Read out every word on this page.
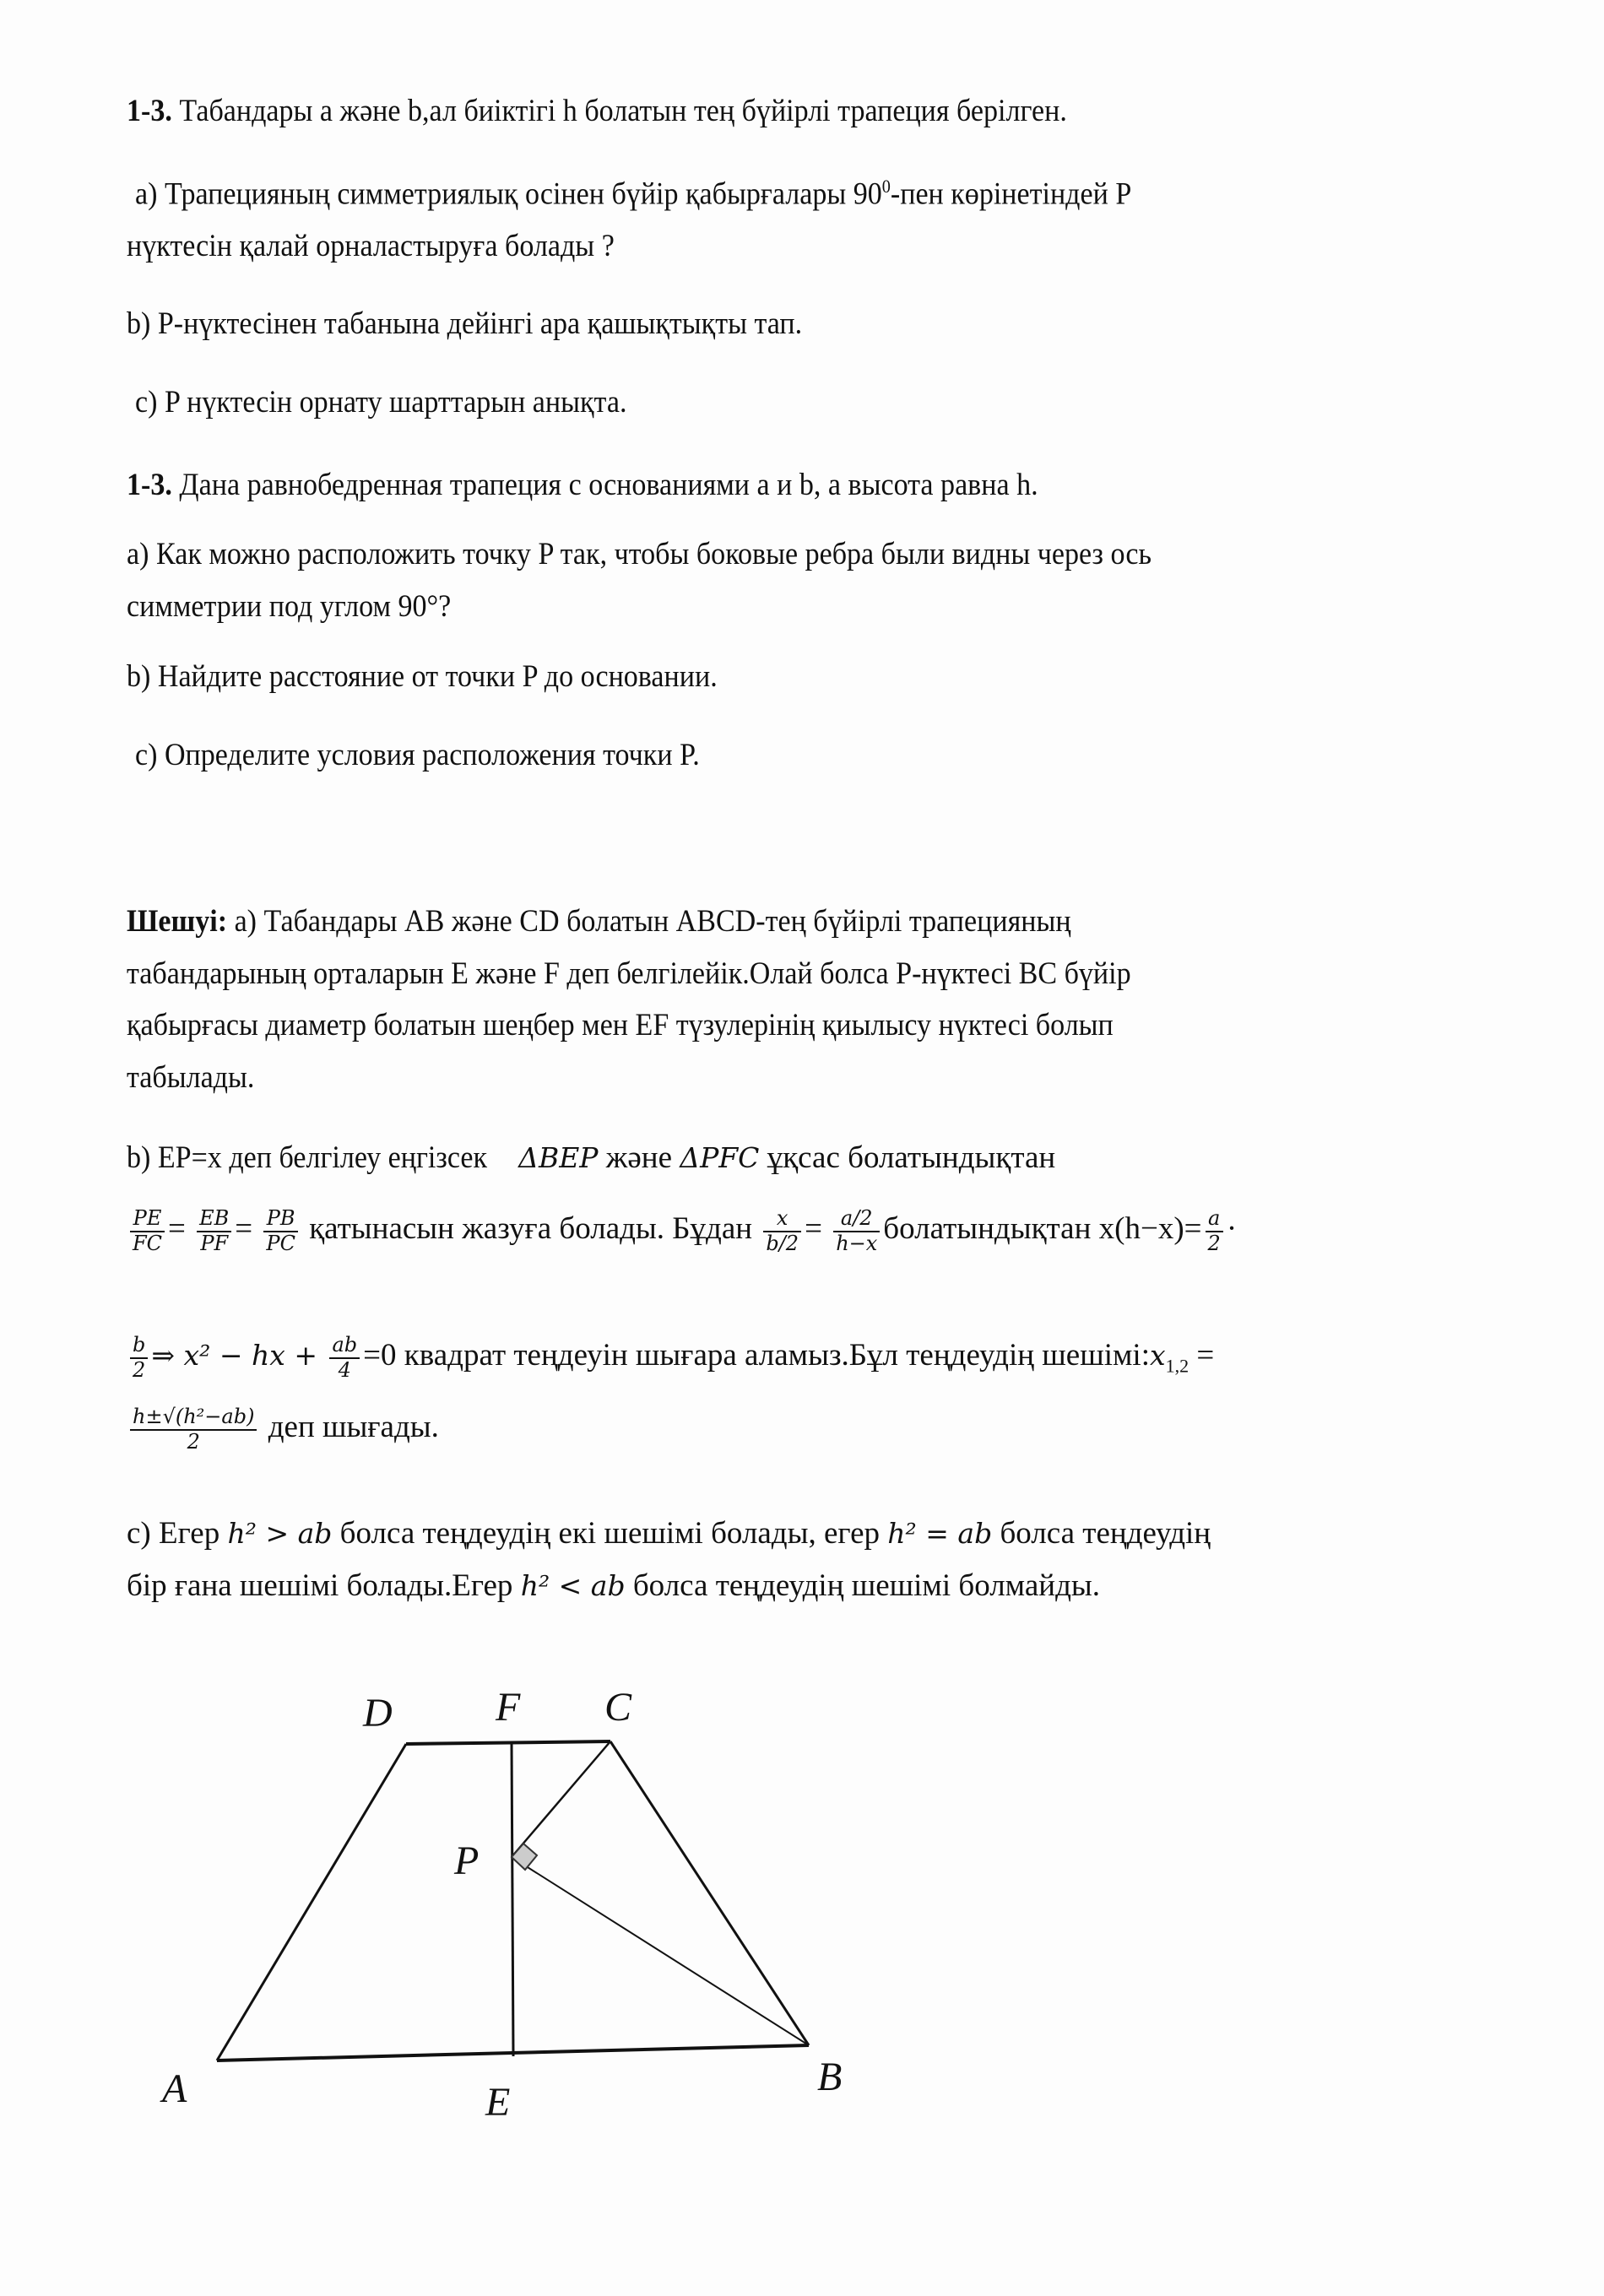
1-3. Табандары a және b,ал биіктігі h болатын тең бүйірлі трапеция берілген.
a) Трапецияның симметриялық осінен бүйір қабырғалары $90^0$-пен көрінетіндей P
нүктесін қалай орналастыруға болады ?
b) P-нүктесінен табанына дейінгі ара қашықтықты тап.
c) P нүктесін орнату шарттарын анықта.
1-3. Дана равнобедренная трапеция с основаниями a и b, а высота равна h.
a) Как можно расположить точку P так, чтобы боковые ребра были видны через ось
симметрии под углом 90°?
b) Найдите расстояние от точки P до основании.
c) Определите условия расположения точки P.
Шешуі: a) Табандары AB және CD болатын ABCD-тең бүйірлі трапецияның
табандарының орталарын E және F деп белгілейік.Олай болса P-нүктесі BC бүйір
қабырғасы диаметр болатын шеңбер мен EF түзулерінің қиылысу нүктесі болып
табылады.
b) EP=x деп белгілеу еңгізсекΔBEP және ΔPFC ұқсас болатындықтан
$\frac{PE}{FC} = \frac{EB}{PF} = \frac{PB}{PC}$ қатынасын жазуға болады. Бұдан $\frac{x}{b/2} = \frac{a/2}{h-x}$ болатындықтан $x(h-x)= \frac{a}{2}$ ·
$\frac{b}{2}$ ⇒ x² − hx + $\frac{ab}{4} =0$ квадрат теңдеуін шығара аламыз.Бұл теңдеудің $шешімі:x_{1,2}$ =
$\frac{\text{h±√(h²−ab)}}{2}$ деп шығады.
c) Егер h² > ab болса теңдеудің екі шешімі болады, егер h² = ab болса теңдеудің
бір ғана шешімі болады.Егер h² < ab болса теңдеудің шешімі болмайды.
D	F C
P
A	B
E
